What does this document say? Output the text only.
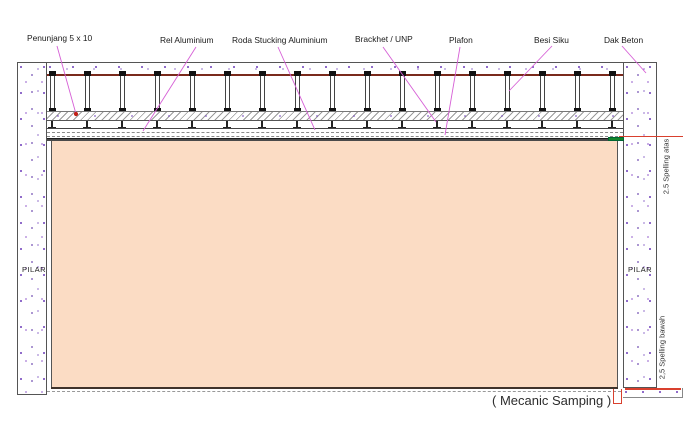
PILAR	PILAR
2.5 Spelling atas
2,5 Spelling bawah
( Mecanic Samping )
Penunjang 5 x 10	Rel Aluminium Roda Stucking Aluminium	Brackhet / UNP	Plafon	Besi Siku	Dak Beton
